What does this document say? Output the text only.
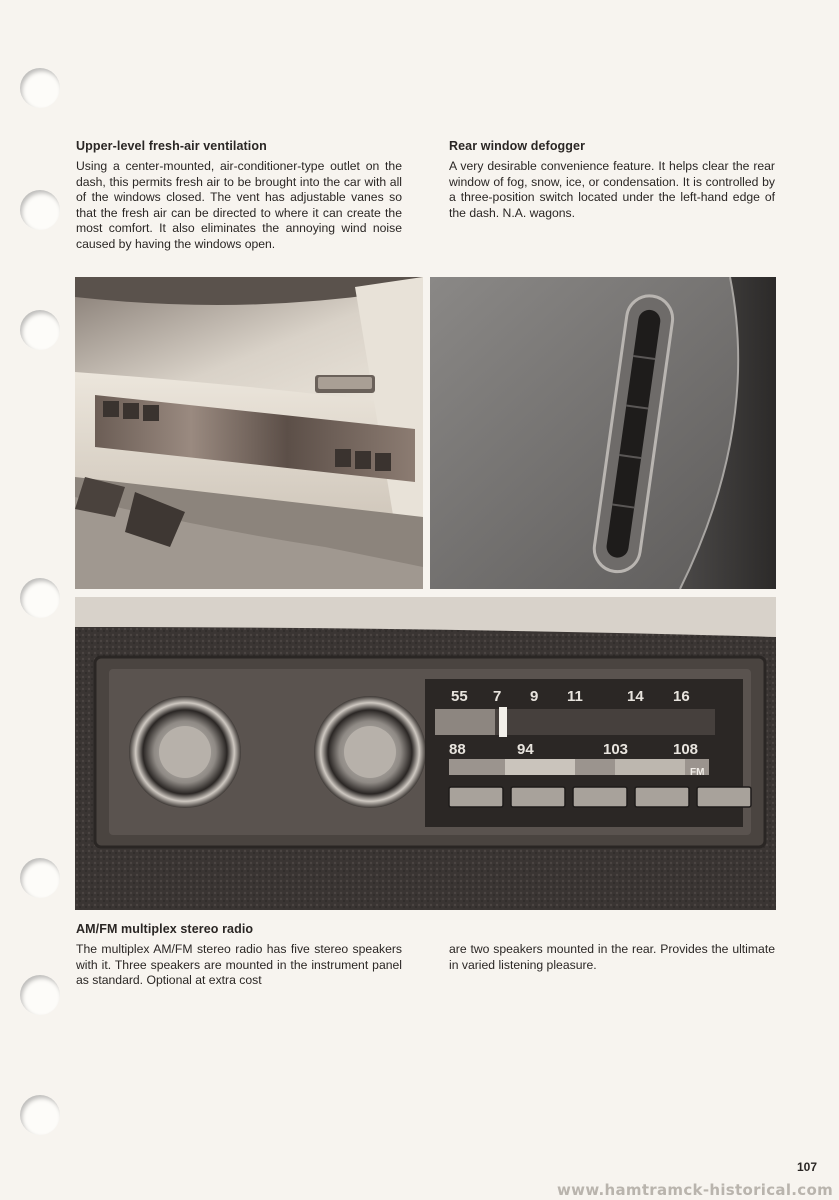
Upper-level fresh-air ventilation

Using a center-mounted, air-conditioner-type outlet on the dash, this permits fresh air to be brought into the car with all of the windows closed. The vent has adjustable vanes so that the fresh air can be directed to where it can create the most comfort. It also eliminates the annoying wind noise caused by having the windows open.

Rear window defogger

A very desirable convenience feature. It helps clear the rear window of fog, snow, ice, or condensation. It is controlled by a three-position switch located under the left-hand edge of the dash. N.A. wagons.

55 7 9 11	14 16
88	94	103	108
FM
AM/FM multiplex stereo radio

The multiplex AM/FM stereo radio has five stereo speakers with it. Three speakers are mounted in the instrument panel as standard. Optional at extra cost

are two speakers mounted in the rear. Provides the ultimate in varied listening pleasure.

107
www.hamtramck-historical.com
